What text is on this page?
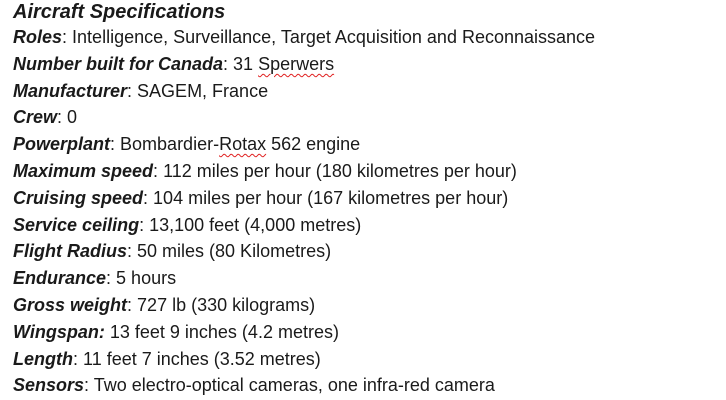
Aircraft Specifications
Roles: Intelligence, Surveillance, Target Acquisition and Reconnaissance
Number built for Canada: 31 Sperwers
Manufacturer: SAGEM, France
Crew: 0
Powerplant: Bombardier-Rotax 562 engine
Maximum speed: 112 miles per hour (180 kilometres per hour)
Cruising speed: 104 miles per hour (167 kilometres per hour)
Service ceiling: 13,100 feet (4,000 metres)
Flight Radius: 50 miles (80 Kilometres)
Endurance: 5 hours
Gross weight: 727 lb (330 kilograms)
Wingspan: 13 feet 9 inches (4.2 metres)
Length: 11 feet 7 inches (3.52 metres)
Sensors: Two electro-optical cameras, one infra-red camera
